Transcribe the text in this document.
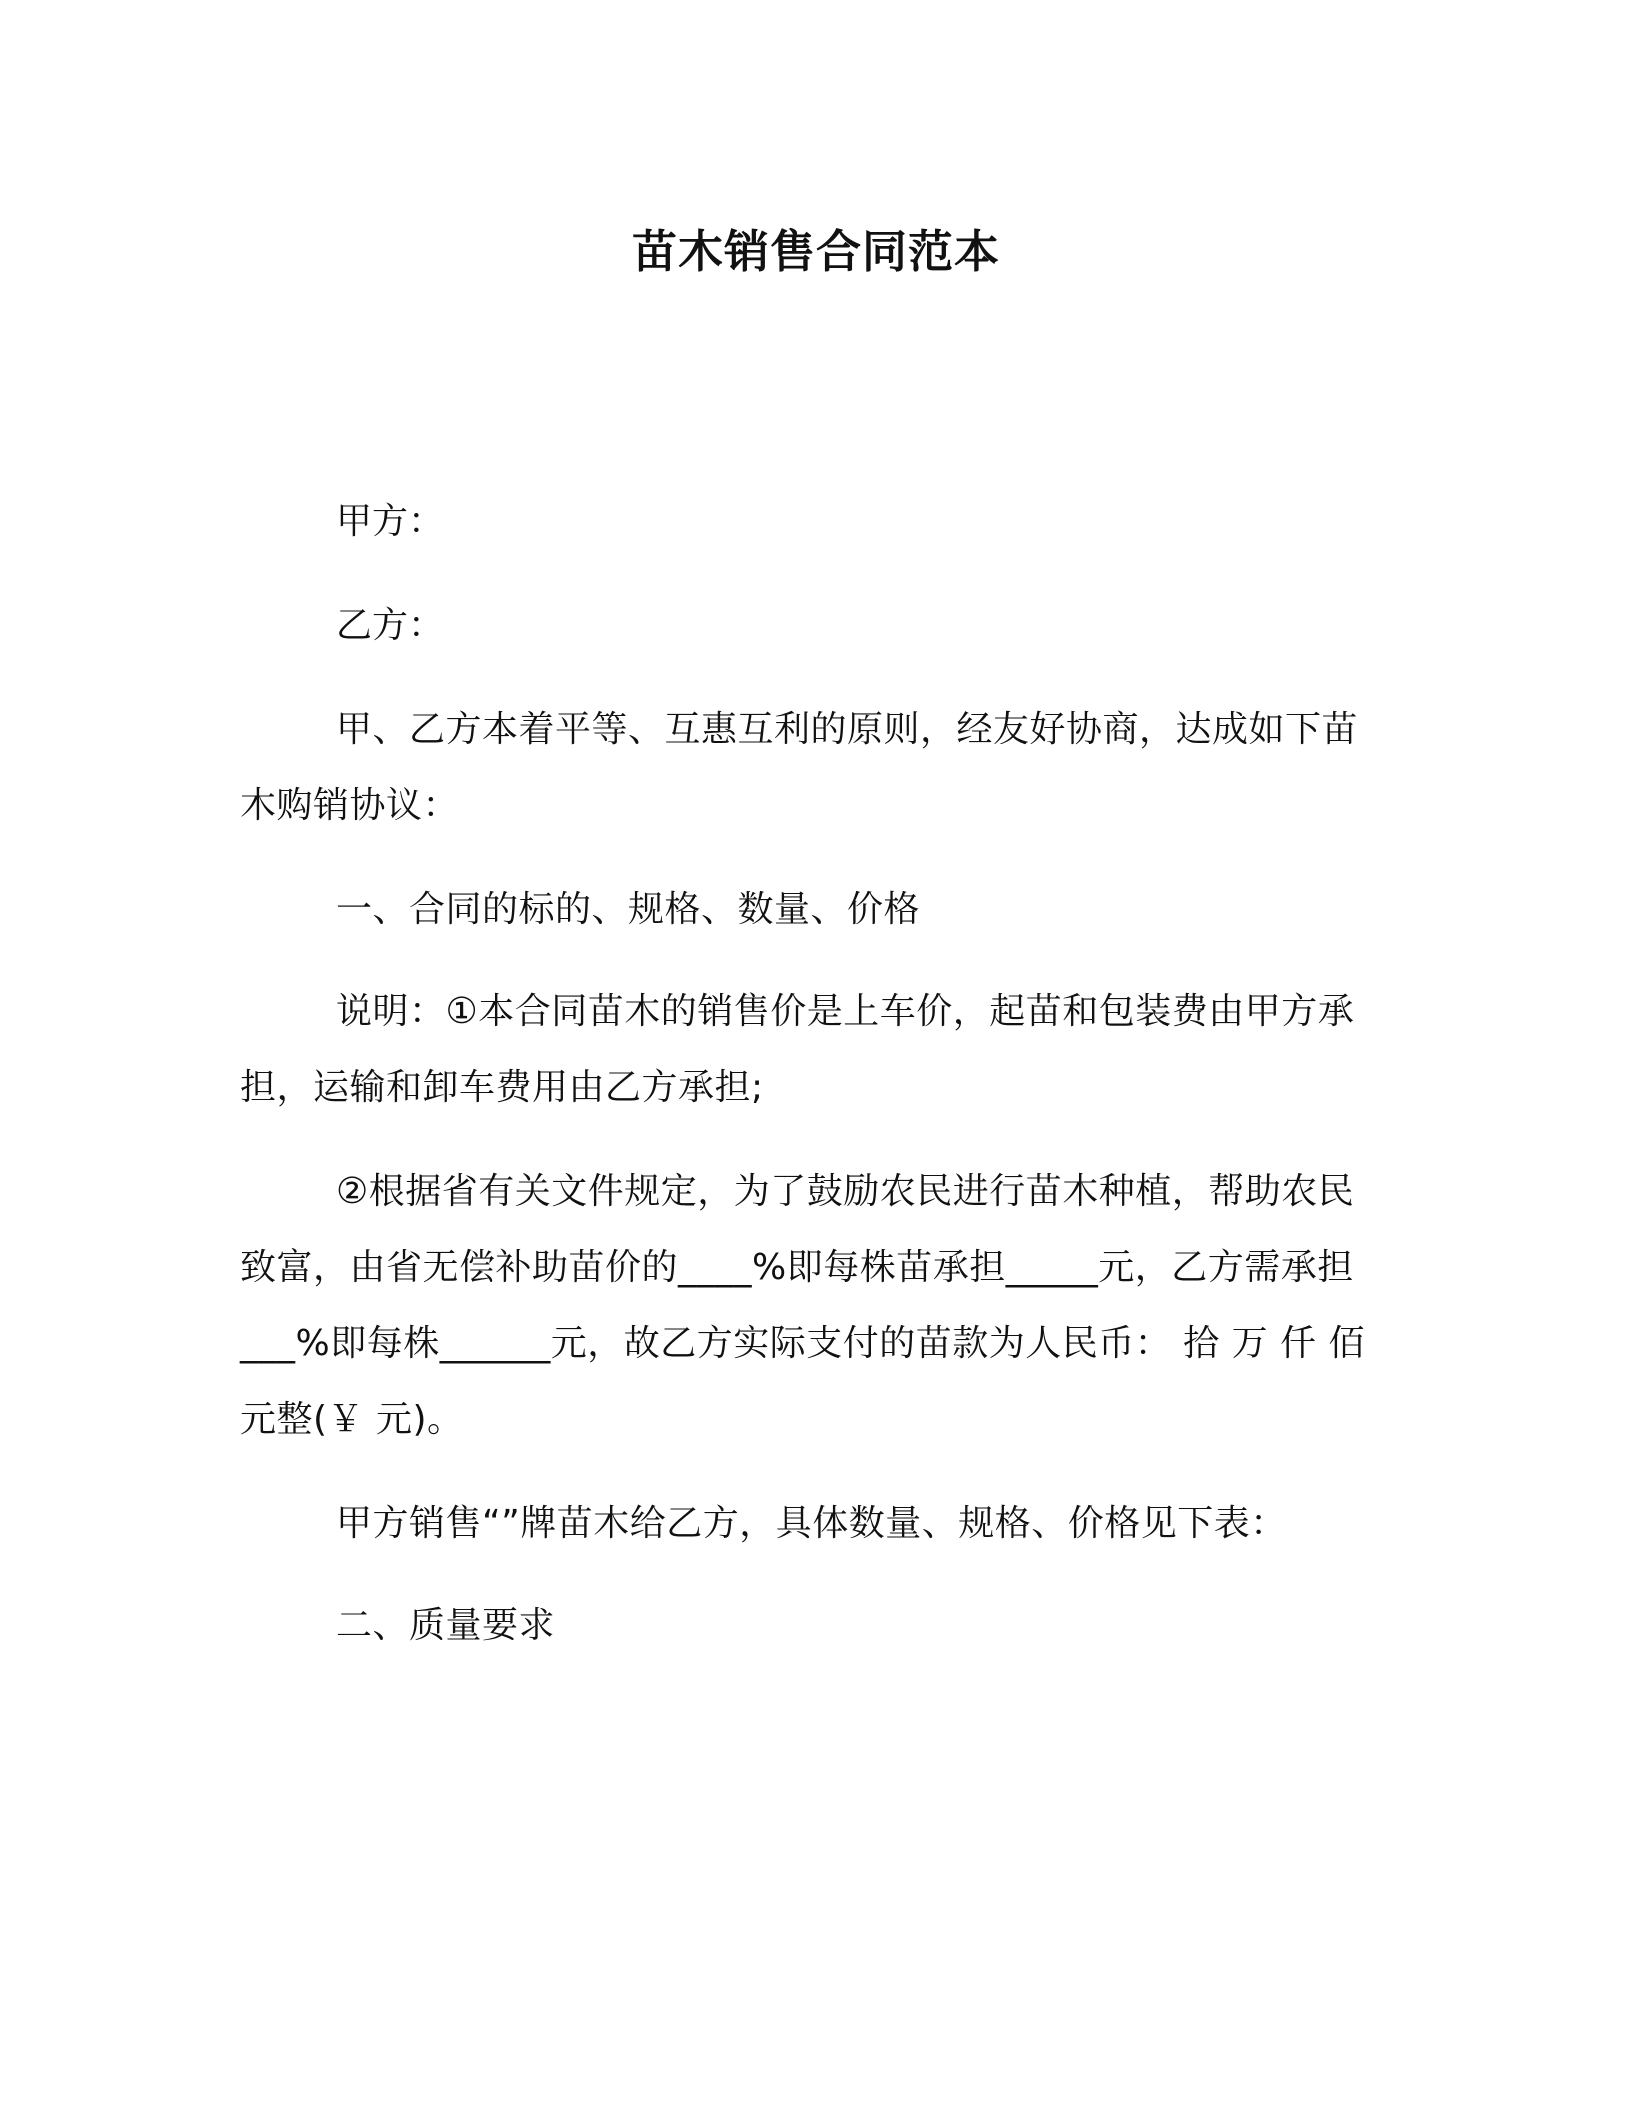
苗木销售合同范本

甲方：

乙方：

甲、乙方本着平等、互惠互利的原则，经友好协商，达成如下苗木购销协议：

一、合同的标的、规格、数量、价格

说明：①本合同苗木的销售价是上车价，起苗和包装费由甲方承担，运输和卸车费用由乙方承担;

②根据省有关文件规定，为了鼓励农民进行苗木种植，帮助农民致富，由省无偿补助苗价的____%即每株苗承担_____元，乙方需承担___%即每株______元，故乙方实际支付的苗款为人民币： 拾 万 仟 佰 元整(￥ 元)。

甲方销售“”牌苗木给乙方，具体数量、规格、价格见下表：

二、质量要求
